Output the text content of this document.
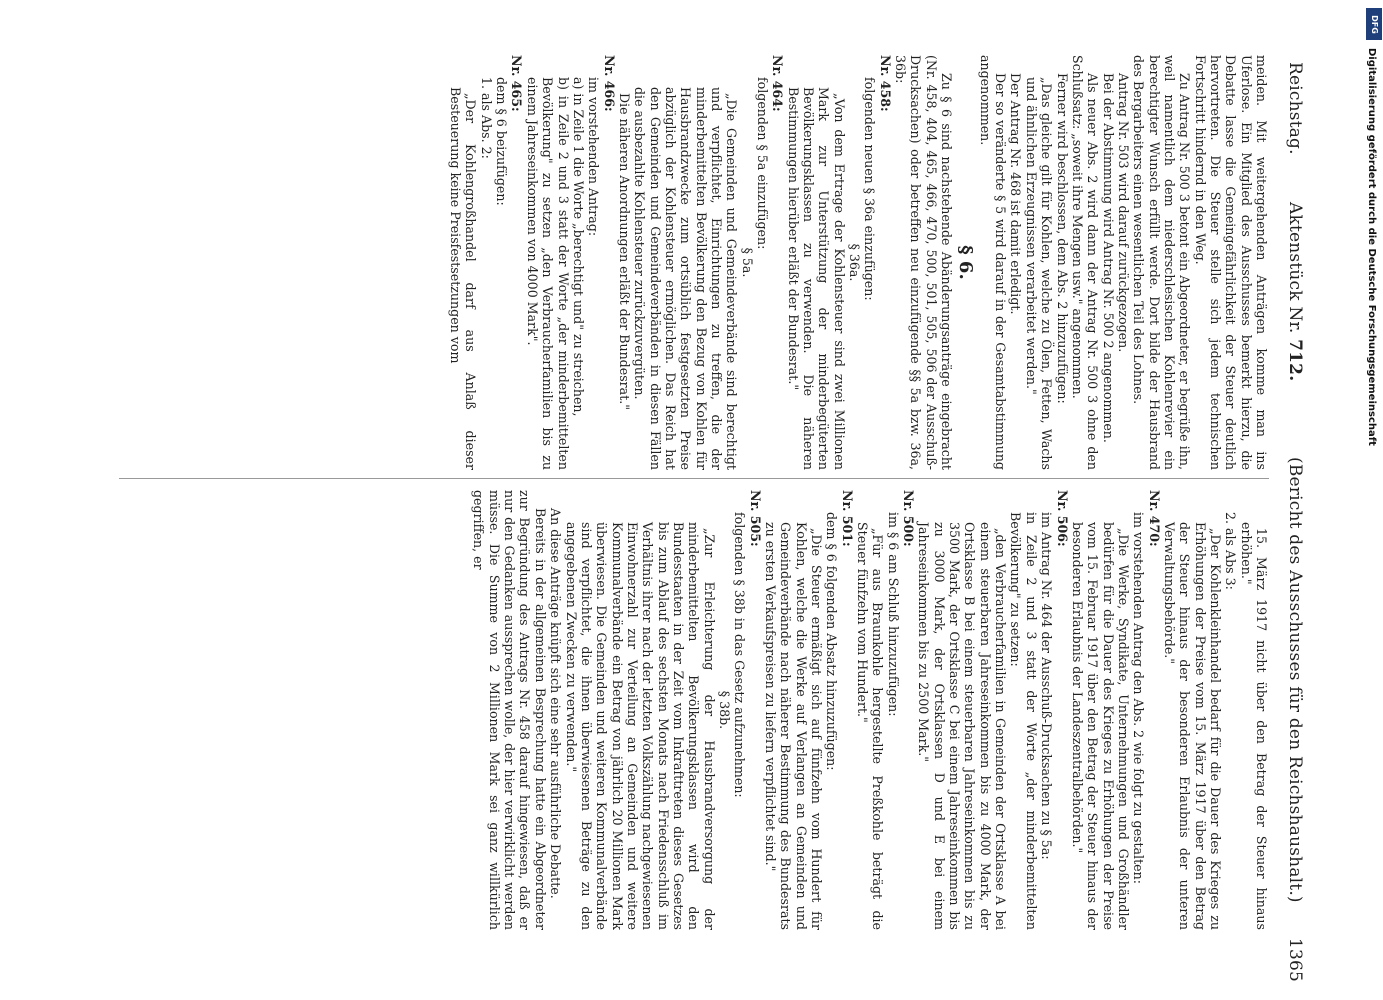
Reichstag.
Aktenstück Nr. 712.
(Bericht des Ausschusses für den Reichshaushalt.)
1365

meiden. Mit weitergehenden Anträgen komme man ins Uferlose. Ein Mitglied des Ausschusses bemerkt hierzu, die Debatte lasse die Gemeingefährlichkeit der Steuer deutlich hervortreten. Die Steuer stelle sich jedem technischen Fortschritt hindernd in den Weg.

Zu Antrag Nr. 500 3 betont ein Abgeordneter, er begrüße ihn, weil namentlich dem niederschlesischen Kohlenrevier ein berechtigter Wunsch erfüllt werde. Dort bilde der Hausbrand des Bergarbeiters einen wesentlichen Teil des Lohnes.

Antrag Nr. 503 wird darauf zurückgezogen.

Bei der Abstimmung wird Antrag Nr. 500 2 angenommen.

Als neuer Abs. 2 wird dann der Antrag Nr. 500 3 ohne den Schlußsatz: „soweit ihre Mengen usw." angenommen.

Ferner wird beschlossen, dem Abs. 2 hinzuzufügen:

„Das gleiche gilt für Kohlen, welche zu Ölen, Fetten, Wachs und ähnlichen Erzeugnissen verarbeitet werden."

Der Antrag Nr. 468 ist damit erledigt.

Der so veränderte § 5 wird darauf in der Gesamtabstimmung angenommen.

§ 6.

Zu § 6 sind nachstehende Abänderungsanträge eingebracht (Nr. 458, 404, 465, 466, 470, 500, 501, 505, 506 der Ausschuß-Drucksachen) oder betreffen neu einzufügende §§ 5a bzw. 36a, 36b:

Nr. 458:

folgenden neuen § 36a einzufügen:

§ 36a.

„Von dem Ertrage der Kohlensteuer sind zwei Millionen Mark zur Unterstützung der minderbegüterten Bevölkerungsklassen zu verwenden. Die näheren Bestimmungen hierüber erläßt der Bundesrat."

Nr. 464:

folgenden § 5a einzufügen:

§ 5a.

„Die Gemeinden und Gemeindeverbände sind berechtigt und verpflichtet, Einrichtungen zu treffen, die der minderbemittelten Bevölkerung den Bezug von Kohlen für Hausbrandzwecke zum ortsüblich festgesetzten Preise abzüglich der Kohlensteuer ermöglichen. Das Reich hat den Gemeinden und Gemeindeverbänden in diesen Fällen die ausbezahlte Kohlensteuer zurückzuvergüten.

Die näheren Anordnungen erläßt der Bundesrat."

Nr. 466:

im vorstehenden Antrag:

a) in Zeile 1 die Worte „berechtigt und" zu streichen,

b) in Zeile 2 und 3 statt der Worte „der minderbemittelten Bevölkerung" zu setzen „den Verbraucherfamilien bis zu einem Jahreseinkommen von 4000 Mark".

Nr. 465:

dem § 6 beizufügen:

1. als Abs. 2:

„Der Kohlengroßhandel darf aus Anlaß dieser Besteuerung keine Preisfestsetzungen vom

15. März 1917 nicht über den Betrag der Steuer hinaus erhöhen."

2. als Abs 3:

„Der Kohlenkleinhandel bedarf für die Dauer des Krieges zu Erhöhungen der Preise vom 15. März 1917 über den Betrag der Steuer hinaus der besonderen Erlaubnis der unteren Verwaltungsbehörde."

Nr. 470:

im vorstehenden Antrag den Abs. 2 wie folgt zu gestalten:

„Die Werke, Syndikate, Unternehmungen und Großhändler bedürfen für die Dauer des Krieges zu Erhöhungen der Preise vom 15. Februar 1917 über den Betrag der Steuer hinaus der besonderen Erlaubnis der Landeszentralbehörden."

Nr. 506:

im Antrag Nr. 464 der Ausschuß-Drucksachen zu § 5a:

in Zeile 2 und 3 statt der Worte „der minderbemittelten Bevölkerung" zu setzen:

„den Verbraucherfamilien in Gemeinden der Ortsklasse A bei einem steuerbaren Jahreseinkommen bis zu 4000 Mark, der Ortsklasse B bei einem steuerbaren Jahreseinkommen bis zu 3500 Mark, der Ortsklasse C bei einem Jahreseinkommen bis zu 3000 Mark, der Ortsklassen D und E bei einem Jahreseinkommen bis zu 2500 Mark."

Nr. 500:

im § 6 am Schluß hinzuzufügen:

„Für aus Braunkohle hergestellte Preßkohle beträgt die Steuer fünfzehn vom Hundert."

Nr. 501:

dem § 6 folgenden Absatz hinzuzufügen:

„Die Steuer ermäßigt sich auf fünfzehn vom Hundert für Kohlen, welche die Werke auf Verlangen an Gemeinden und Gemeindeverbände nach näherer Bestimmung des Bundesrats zu ersten Verkaufspreisen zu liefern verpflichtet sind."

Nr. 505:

folgenden § 38b in das Gesetz aufzunehmen:

§ 38b.

„Zur Erleichterung der Hausbrandversorgung der minderbemittelten Bevölkerungsklassen wird den Bundesstaaten in der Zeit vom Inkrafttreten dieses Gesetzes bis zum Ablauf des sechsten Monats nach Friedensschluß im Verhältnis ihrer nach der letzten Volkszählung nachgewiesenen Einwohnerzahl zur Verteilung an Gemeinden und weitere Kommunalverbände ein Betrag von jährlich 20 Millionen Mark überwiesen. Die Gemeinden und weiteren Kommunalverbände sind verpflichtet, die ihnen überwiesenen Beträge zu den angegebenen Zwecken zu verwenden."

An diese Anträge knüpft sich eine sehr ausführliche Debatte.

Bereits in der allgemeinen Besprechung hatte ein Abgeordneter zur Begründung des Antrags Nr. 458 darauf hingewiesen, daß er nur den Gedanken aussprechen wolle, der hier verwirklicht werden müsse. Die Summe von 2 Millionen Mark sei ganz willkürlich gegriffen, er

DFG
Digitalisierung gefördert durch die Deutsche Forschungsgemeinschaft
